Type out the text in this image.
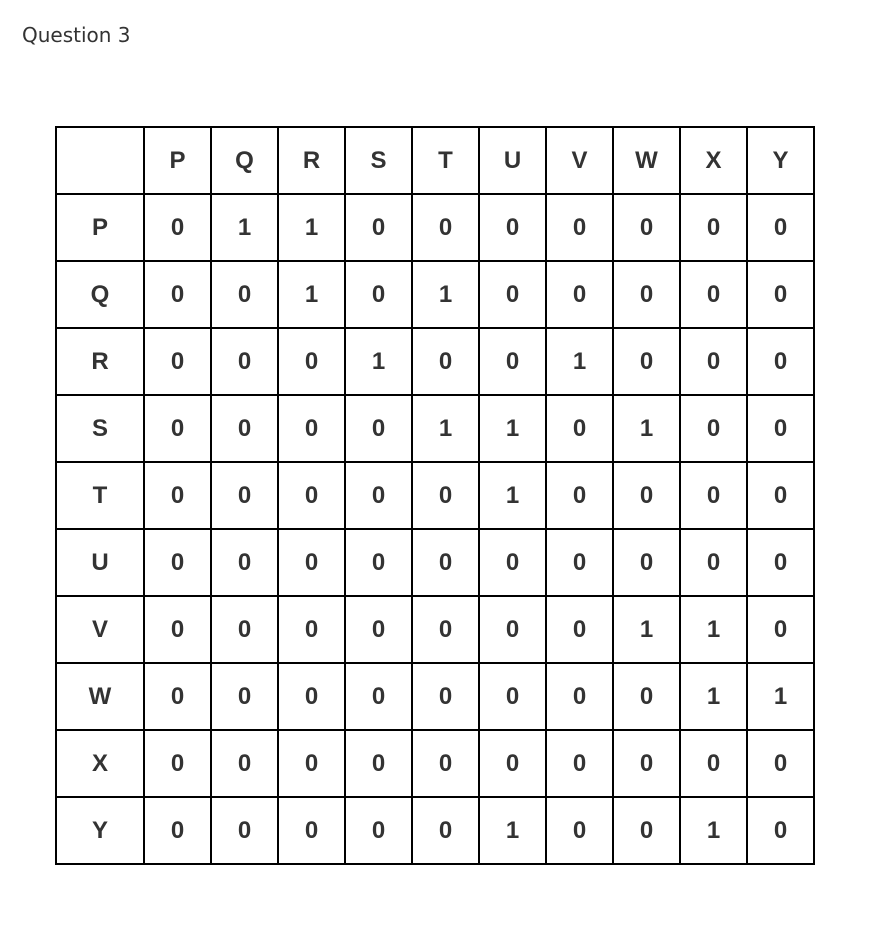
Question 3
	P	Q	R	S	T	U	V	W	X	Y
P	0	1	1	0	0	0	0	0	0	0
Q	0	0	1	0	1	0	0	0	0	0
R	0	0	0	1	0	0	1	0	0	0
S	0	0	0	0	1	1	0	1	0	0
T	0	0	0	0	0	1	0	0	0	0
U	0	0	0	0	0	0	0	0	0	0
V	0	0	0	0	0	0	0	1	1	0
W	0	0	0	0	0	0	0	0	1	1
X	0	0	0	0	0	0	0	0	0	0
Y	0	0	0	0	0	1	0	0	1	0
